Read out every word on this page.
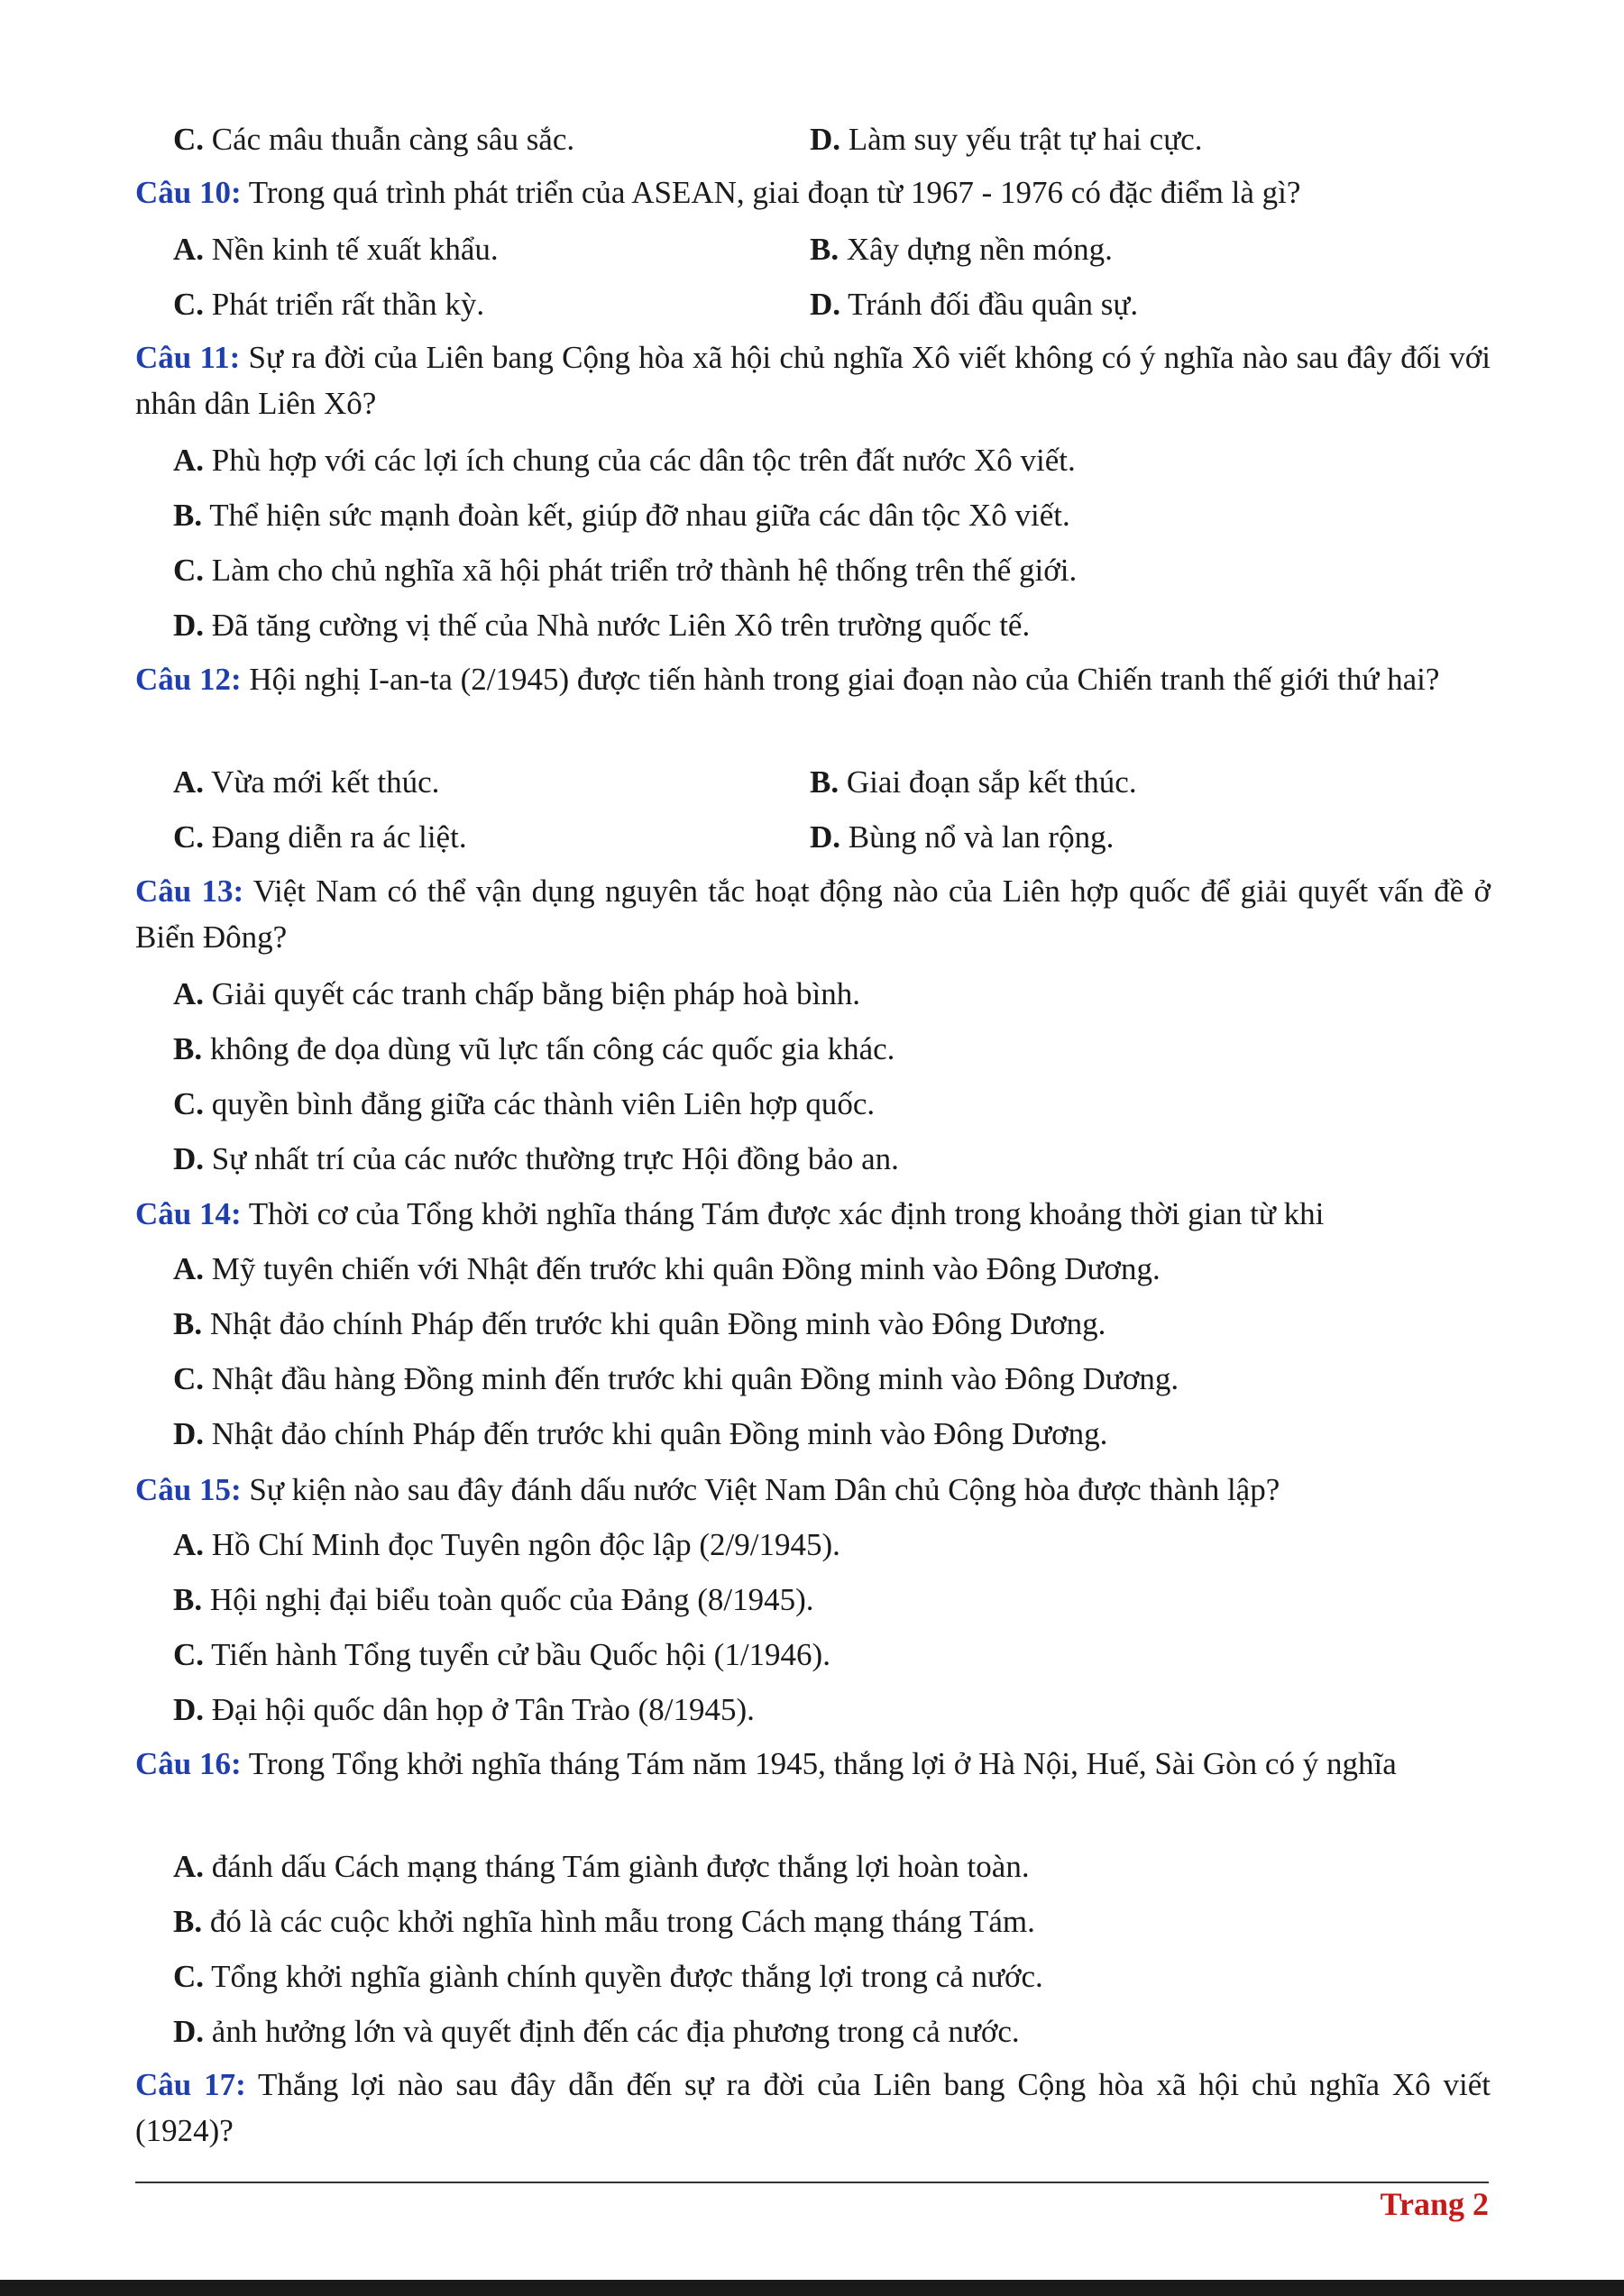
C. Các mâu thuẫn càng sâu sắc.	D. Làm suy yếu trật tự hai cực.

Câu 10: Trong quá trình phát triển của ASEAN, giai đoạn từ 1967 - 1976 có đặc điểm là gì?

A. Nền kinh tế xuất khẩu.	B. Xây dựng nền móng.
C. Phát triển rất thần kỳ.	D. Tránh đối đầu quân sự.

Câu 11: Sự ra đời của Liên bang Cộng hòa xã hội chủ nghĩa Xô viết không có ý nghĩa nào sau đây đối với nhân dân Liên Xô?

A. Phù hợp với các lợi ích chung của các dân tộc trên đất nước Xô viết.
B. Thể hiện sức mạnh đoàn kết, giúp đỡ nhau giữa các dân tộc Xô viết.
C. Làm cho chủ nghĩa xã hội phát triển trở thành hệ thống trên thế giới.
D. Đã tăng cường vị thế của Nhà nước Liên Xô trên trường quốc tế.

Câu 12: Hội nghị I-an-ta (2/1945) được tiến hành trong giai đoạn nào của Chiến tranh thế giới thứ hai?

A. Vừa mới kết thúc.	B. Giai đoạn sắp kết thúc.
C. Đang diễn ra ác liệt.	D. Bùng nổ và lan rộng.

Câu 13: Việt Nam có thể vận dụng nguyên tắc hoạt động nào của Liên hợp quốc để giải quyết vấn đề ở Biển Đông?

A. Giải quyết các tranh chấp bằng biện pháp hoà bình.
B. không đe dọa dùng vũ lực tấn công các quốc gia khác.
C. quyền bình đẳng giữa các thành viên Liên hợp quốc.
D. Sự nhất trí của các nước thường trực Hội đồng bảo an.

Câu 14: Thời cơ của Tổng khởi nghĩa tháng Tám được xác định trong khoảng thời gian từ khi

A. Mỹ tuyên chiến với Nhật đến trước khi quân Đồng minh vào Đông Dương.
B. Nhật đảo chính Pháp đến trước khi quân Đồng minh vào Đông Dương.
C. Nhật đầu hàng Đồng minh đến trước khi quân Đồng minh vào Đông Dương.
D. Nhật đảo chính Pháp đến trước khi quân Đồng minh vào Đông Dương.

Câu 15: Sự kiện nào sau đây đánh dấu nước Việt Nam Dân chủ Cộng hòa được thành lập?

A. Hồ Chí Minh đọc Tuyên ngôn độc lập (2/9/1945).
B. Hội nghị đại biểu toàn quốc của Đảng (8/1945).
C. Tiến hành Tổng tuyển cử bầu Quốc hội (1/1946).
D. Đại hội quốc dân họp ở Tân Trào (8/1945).

Câu 16: Trong Tổng khởi nghĩa tháng Tám năm 1945, thắng lợi ở Hà Nội, Huế, Sài Gòn có ý nghĩa

A. đánh dấu Cách mạng tháng Tám giành được thắng lợi hoàn toàn.
B. đó là các cuộc khởi nghĩa hình mẫu trong Cách mạng tháng Tám.
C. Tổng khởi nghĩa giành chính quyền được thắng lợi trong cả nước.
D. ảnh hưởng lớn và quyết định đến các địa phương trong cả nước.

Câu 17: Thắng lợi nào sau đây dẫn đến sự ra đời của Liên bang Cộng hòa xã hội chủ nghĩa Xô viết (1924)?

Trang 2
